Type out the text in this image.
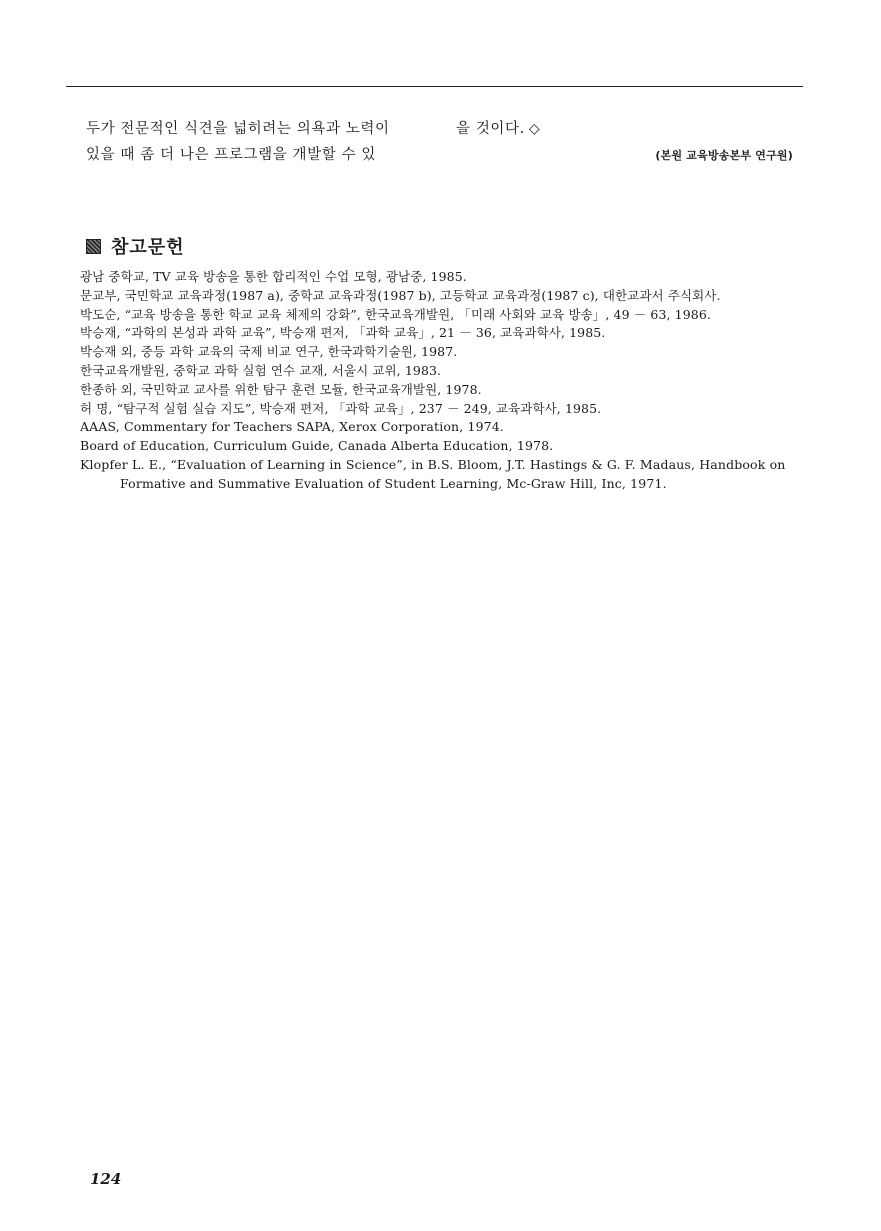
두가 전문적인 식견을 넓히려는 의욕과 노력이
있을 때 좀 더 나은 프로그램을 개발할 수 있
을 것이다. ◇
(본원 교육방송본부 연구원)
참고문헌
광남 중학교, TV 교육 방송을 통한 합리적인 수업 모형, 광남중, 1985.
문교부, 국민학교 교육과정(1987 a), 중학교 교육과정(1987 b), 고등학교 교육과정(1987 c), 대한교과서 주식회사.
박도순, “교육 방송을 통한 학교 교육 체제의 강화”, 한국교육개발원, 「미래 사회와 교육 방송」, 49 － 63, 1986.
박승재, “과학의 본성과 과학 교육”, 박승재 편저, 「과학 교육」, 21 － 36, 교육과학사, 1985.
박승재 외, 중등 과학 교육의 국제 비교 연구, 한국과학기술원, 1987.
한국교육개발원, 중학교 과학 실험 연수 교재, 서울시 교위, 1983.
한종하 외, 국민학교 교사를 위한 탐구 훈련 모듈, 한국교육개발원, 1978.
허 명, “탐구적 실험 실습 지도”, 박승재 편저, 「과학 교육」, 237 － 249, 교육과학사, 1985.
AAAS, Commentary for Teachers SAPA, Xerox Corporation, 1974.
Board of Education, Curriculum Guide, Canada Alberta Education, 1978.
Klopfer L. E., “Evaluation of Learning in Science”, in B.S. Bloom, J.T. Hastings & G. F. Madaus, Handbook on Formative and Summative Evaluation of Student Learning, Mc-Graw Hill, Inc, 1971.
124
